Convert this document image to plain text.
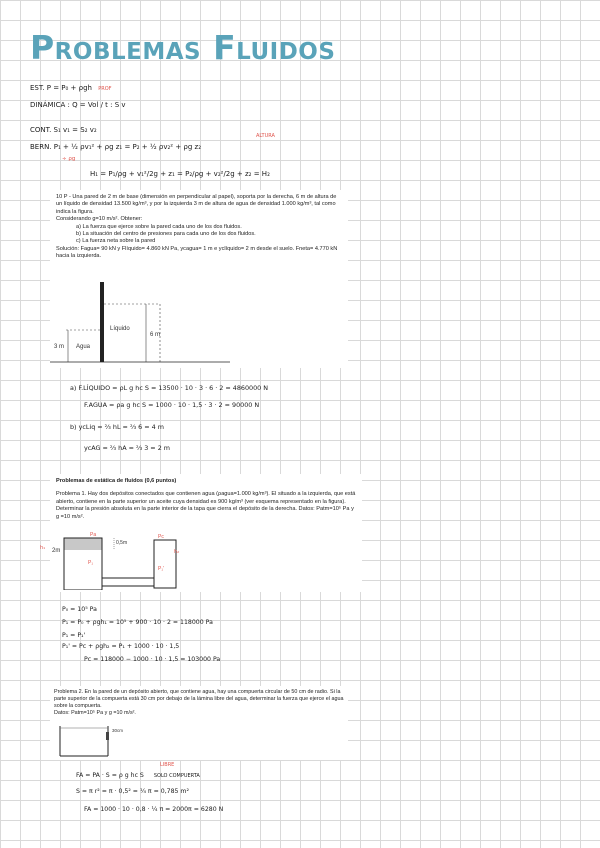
Problemas Fluidos
EST. P = P₀ + ρgh PROF
DINÁMICA : Q = Vol / t : S v
CONT. S₁ v₁ = S₂ v₂
ALTURA
BERN. P₁ + ½ ρv₁² + ρg z₁ = P₂ + ½ ρv₂² + ρg z₂
÷ ρg
H₁ = P₁/ρg + v₁²/2g + z₁ = P₂/ρg + v₂²/2g + z₂ = H₂
10 P - Una pared de 2 m de base (dimensión en perpendicular al papel), soporta por la derecha, 6 m de altura de un líquido de densidad 13.500 kg/m³, y por la izquierda 3 m de altura de agua de densidad 1.000 kg/m³, tal como indica la figura.
Considerando g=10 m/s². Obtener:
a) La fuerza que ejerce sobre la pared cada uno de los dos fluidos.
b) La situación del centro de presiones para cada uno de los dos fluidos.
c) La fuerza neta sobre la pared
Solución: Fagua= 90 kN y Flíquido= 4.860 kN Pa, ycagua= 1 m e yclíquido= 2 m desde el suelo. Fneta= 4.770 kN hacia la izquierda.
Líquido
6 m
3 m Agua
a) F.LÍQUIDO = ρL g hc S = 13500 · 10 · 3 · 6 · 2 = 4860000 N
F.AGUA = ρa g hc S = 1000 · 10 · 1,5 · 3 · 2 = 90000 N
b) ycLiq = ⅔ hL = ⅔ 6 = 4 m
ycAG = ⅔ hA = ⅔ 3 = 2 m
Problemas de estática de fluidos (0,6 puntos)
Problema 1. Hay dos depósitos conectados que contienen agua (ρagua=1.000 kg/m³). El situado a la izquierda, que está abierto, contiene en la parte superior un aceite cuya densidad es 900 kg/m³ (ver esquema representado en la figura). Determinar la presión absoluta en la parte interior de la tapa que cierra el depósito de la derecha. Datos: Patm=10⁵ Pa y g =10 m/s².
2m
0,5m
Pc
Pa
P₁
P₁'
h₁
h₂
P₀ = 10⁵ Pa
P₁ = P₀ + ρgh₁ = 10⁵ + 900 · 10 · 2 = 118000 Pa
P₁ = P₁'
P₁' = Pc + ρgh₂ = P₁ + 1000 · 10 · 1,5
Pc = 118000 − 1000 · 10 · 1,5 = 103000 Pa
Problema 2. En la pared de un depósito abierto, que contiene agua, hay una compuerta circular de 50 cm de radio. Si la parte superior de la compuerta está 30 cm por debajo de la lámina libre del agua, determinar la fuerza que ejerce el agua sobre la compuerta.
Datos: Patm=10⁵ Pa y g =10 m/s².
30cm
LIBRE
FA = PA · S = ρ g hc S SOLO COMPUERTA
S = π r² = π · 0,5² = ¼ π = 0,785 m²
FA = 1000 · 10 · 0,8 · ¼ π = 2000π = 6280 N
